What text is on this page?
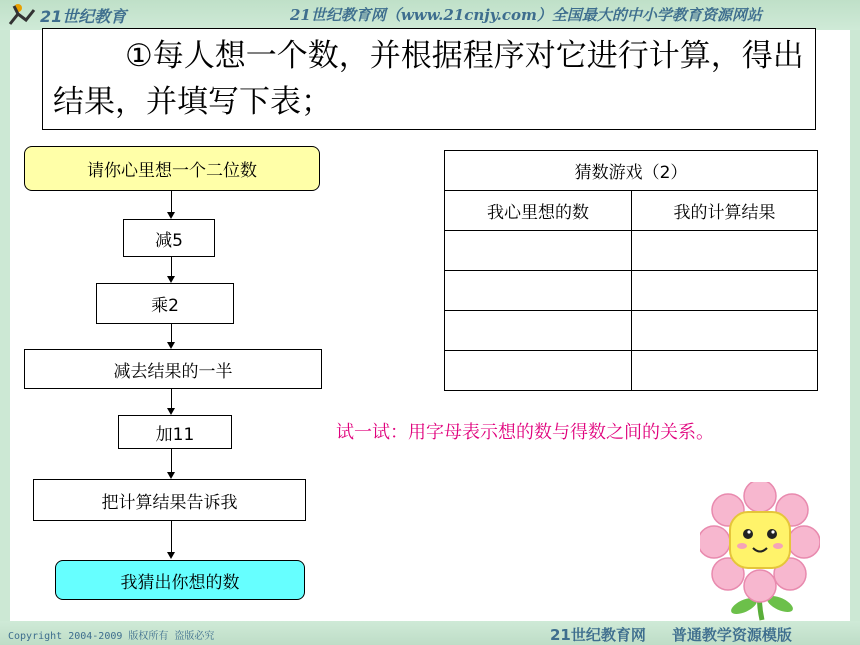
21世纪教育	21世纪教育网（www.21cnjy.com）全国最大的中小学教育资源网站
①每人想一个数，并根据程序对它进行计算，得出结果，并填写下表；
请你心里想一个二位数
减5
乘2
减去结果的一半
加11
把计算结果告诉我
我猜出你想的数
猜数游戏（2）	
我心里想的数	我的计算结果

试一试：用字母表示想的数与得数之间的关系。
Copyright 2004-2009 版权所有 盗版必究	21世纪教育网 普通教学资源模版
